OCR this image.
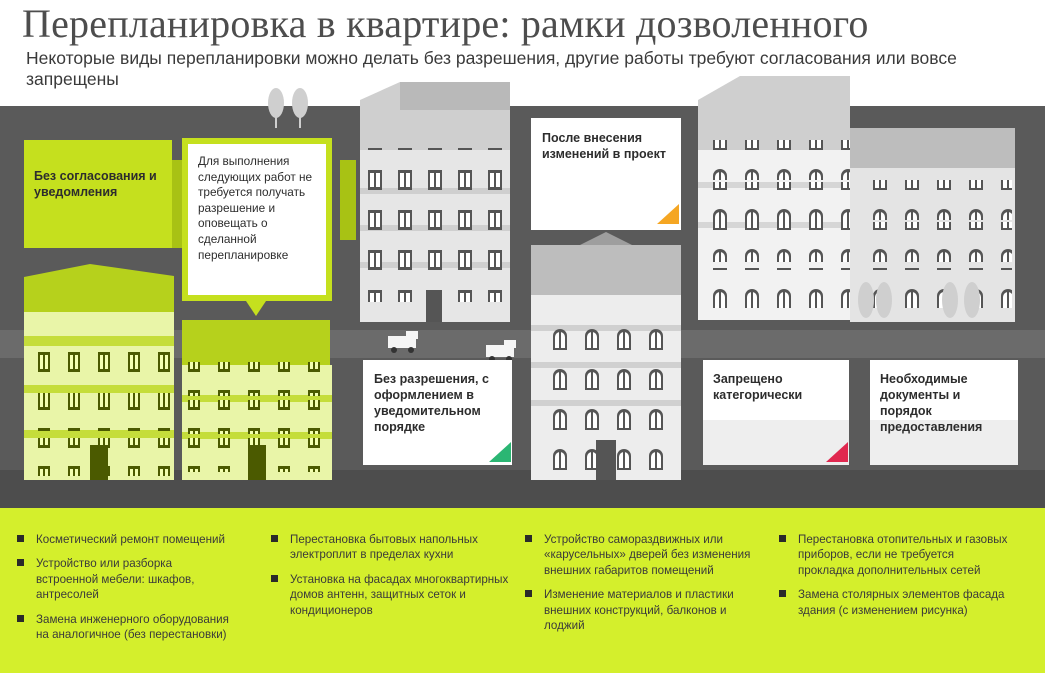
Перепланировка в квартире: рамки дозволенного
Некоторые виды перепланировки можно делать без разрешения, другие работы требуют согласования или вовсе запрещены
Без согласования и уведомления
Для выполнения следующих работ не требуется получать разрешение и оповещать о сделанной перепланировке
После внесения изменений в проект
Без разрешения, с оформлением в уведомительном порядке
Запрещено категорически
Необходимые документы и порядок предоставления
Косметический ремонт помещений
Устройство или разборка встроенной мебели: шкафов, антресолей
Замена инженерного оборудования на аналогичное (без перестановки)
Перестановка бытовых напольных электроплит в пределах кухни
Установка на фасадах многоквартирных домов антенн, защитных сеток и кондиционеров
Устройство самораздвижных или «карусельных» дверей без изменения внешних габаритов помещений
Изменение материалов и пластики внешних конструкций, балконов и лоджий
Перестановка отопительных и газовых приборов, если не требуется прокладка дополнительных сетей
Замена столярных элементов фасада здания (с изменением рисунка)
